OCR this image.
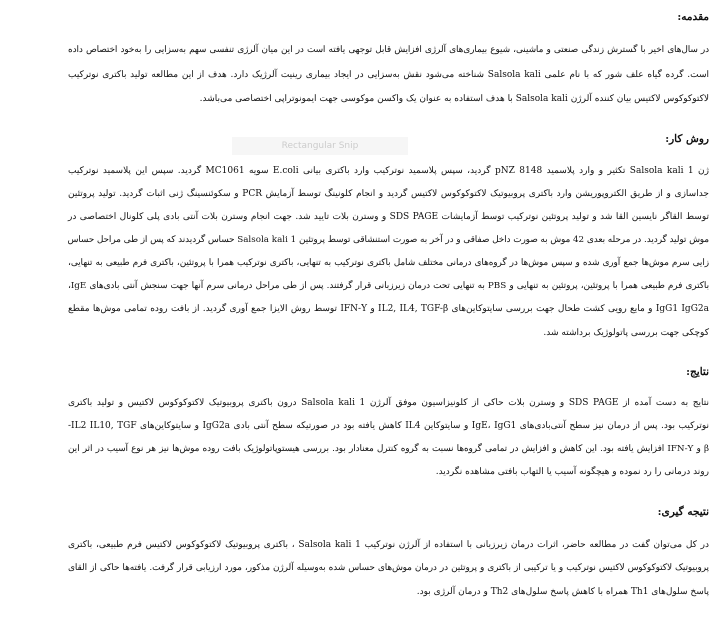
Rectangular Snip
مقدمه:
در سال‌های اخیر با گسترش زندگی صنعتی و ماشینی، شیوع بیماری‌های آلرژی افزایش قابل توجهی یافته است در این میان آلرژی تنفسی سهم به‌سزایی را به‌خود اختصاص داده
است. گرده گیاه علف شور که با نام علمی Salsola kali شناخته می‌شود نقش به‌سزایی در ایجاد بیماری رینیت آلرژیک دارد. هدف از این مطالعه تولید باکتری نوترکیب
لاکتوکوکوس لاکتیس بیان کننده آلرژن Salsola kali با هدف استفاده به عنوان یک واکسن موکوسی جهت ایمونوتراپی اختصاصی می‌باشد.
روش کار:
ژن Salsola kali 1 تکثیر و وارد پلاسمید pNZ 8148 گردید، سپس پلاسمید نوترکیب وارد باکتری بیانی E.coli سویه MC1061 گردید. سپس این پلاسمید نوترکیب
جداسازی و از طریق الکتروپوریشن وارد باکتری پروبیوتیک لاکتوکوکوس لاکتیس گردید و انجام کلونینگ توسط آزمایش PCR و سکوئنسینگ ژنی اثبات گردید. تولید پروتئین
توسط القاگر نایسین القا شد و تولید پروتئین نوترکیب توسط آزمایشات SDS PAGE و وسترن بلات تایید شد. جهت انجام وسترن بلات آنتی بادی پلی کلونال اختصاصی در
موش تولید گردید. در مرحله بعدی 42 موش به صورت داخل صفاقی و در آخر به صورت استنشاقی توسط پروتئین Salsola kali 1 حساس گردیدند که پس از طی مراحل حساس
زایی سرم موش‌ها جمع آوری شده و سپس موش‌ها در گروه‌های درمانی مختلف شامل باکتری نوترکیب به تنهایی، باکتری نوترکیب همرا با پروتئین، باکتری فرم طبیعی به تنهایی،
باکتری فرم طبیعی همرا با پروتئین، پروتئین به تنهایی و PBS به تنهایی تحت درمان زیرزبانی قرار گرفتند. پس از طی مراحل درمانی سرم آنها جهت سنجش آنتی بادی‌های IgE،
IgG1 IgG2a و مایع رویی کشت طحال جهت بررسی سایتوکاین‌های IL2, IL4, TGF-β و IFN-Υ توسط روش الایزا جمع آوری گردید. از بافت روده تمامی موش‌ها مقطع
کوچکی جهت بررسی پاتولوژیک برداشته شد.
نتایج:
نتایج به دست آمده از SDS PAGE و وسترن بلات حاکی از کلونیزاسیون موفق آلرژن Salsola kali 1 درون باکتری پروبیوتیک لاکتوکوکوس لاکتیس و تولید باکتری
نوترکیب بود. پس از درمان نیز سطح آنتی‌بادی‌های IgE، IgG1 و سایتوکاین IL4 کاهش یافته بود در صورتیکه سطح آنتی بادی IgG2a و سایتوکاین‌های IL2 IL10, TGF-
β و IFN-Υ افزایش یافته بود. این کاهش و افزایش در تمامی گروه‌ها نسبت به گروه کنترل معنادار بود. بررسی هیستوپاتولوژیک بافت روده موش‌ها نیز هر نوع آسیب در اثر این
روند درمانی را رد نموده و هیچگونه آسیب یا التهاب بافتی مشاهده نگردید.
نتیجه گیری:
در کل می‌توان گفت در مطالعه حاضر، اثرات درمان زیرزبانی با استفاده از آلرژن نوترکیب Salsola kali 1 ، باکتری پروبیوتیک لاکتوکوکوس لاکتیس فرم طبیعی، باکتری
پروبیوتیک لاکتوکوکوس لاکتیس نوترکیب و یا ترکیبی از باکتری و پروتئین در درمان موش‌های حساس شده به‌وسیله آلرژن مذکور، مورد ارزیابی قرار گرفت. یافته‌ها حاکی از القای
پاسخ سلول‌های Th1 همراه با کاهش پاسخ سلول‌های Th2 و درمان آلرژی بود.
